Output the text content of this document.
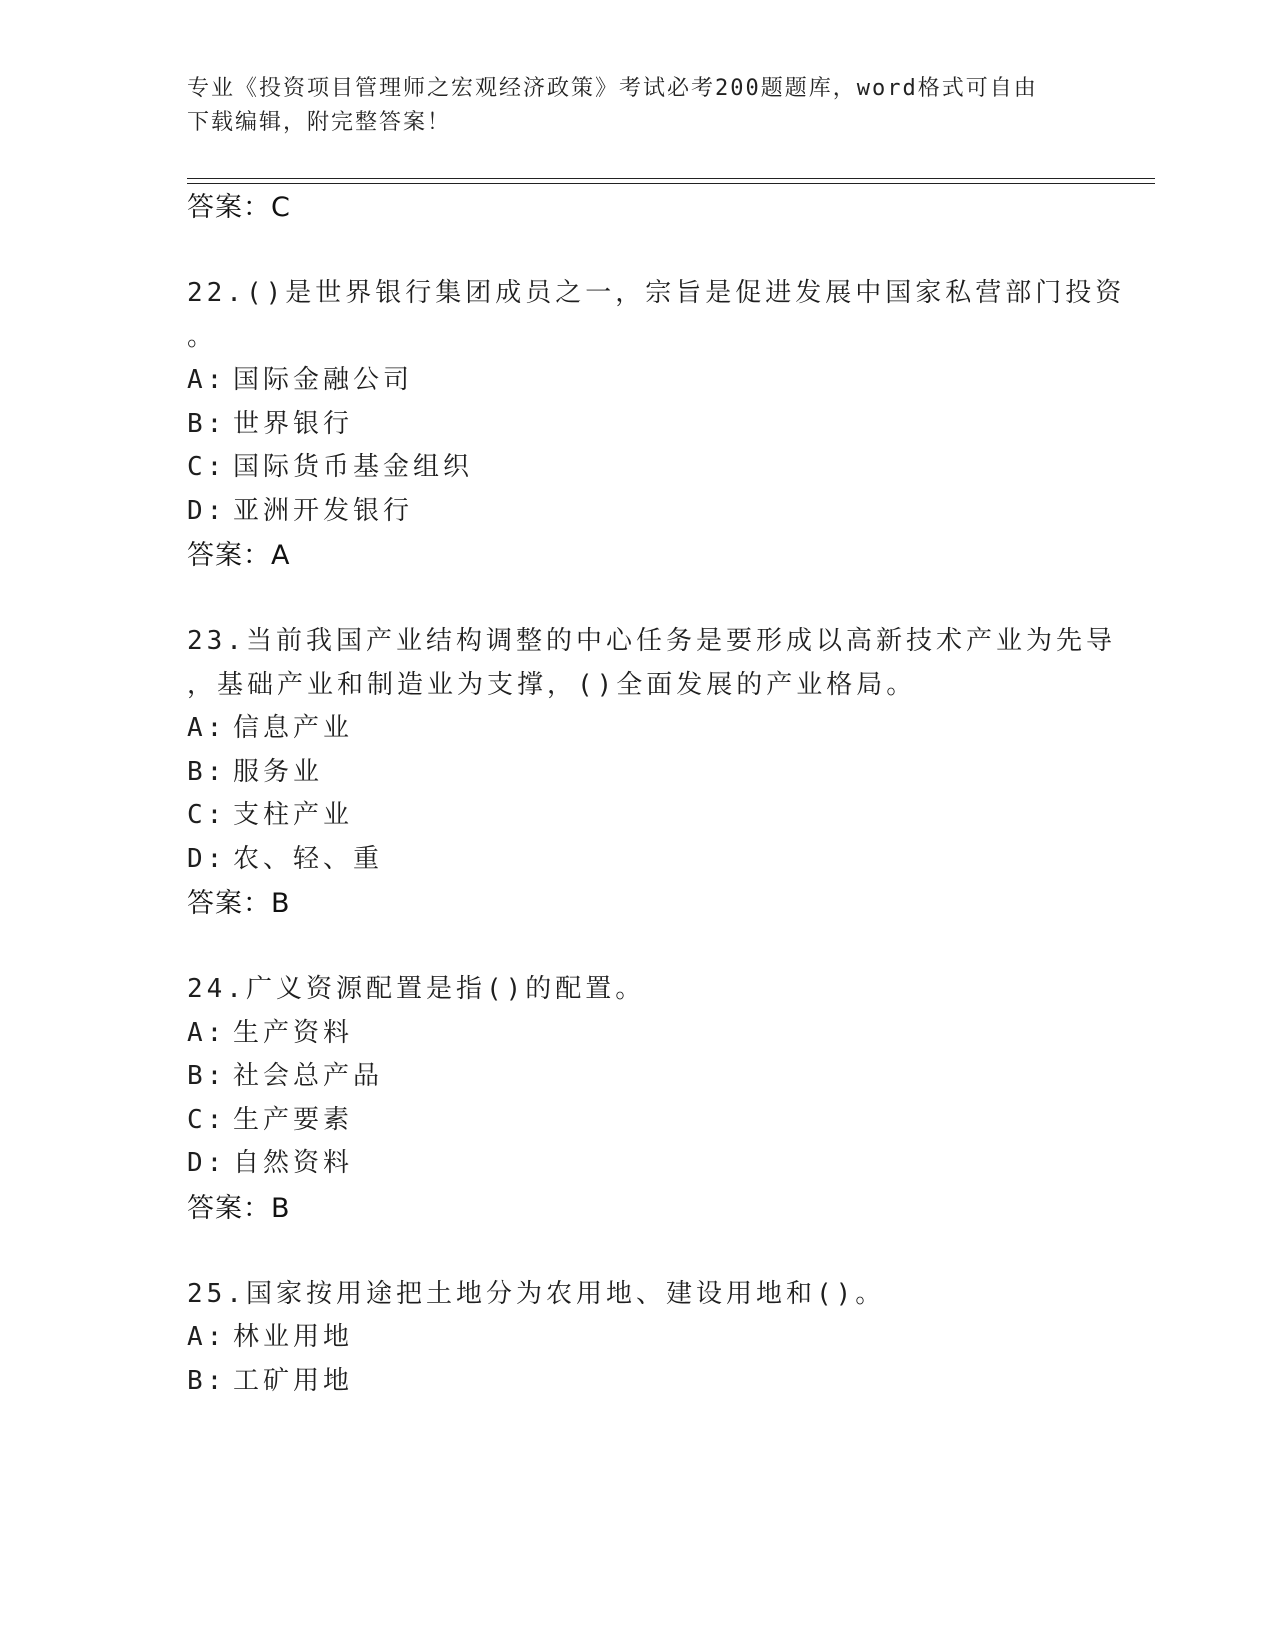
专业《投资项目管理师之宏观经济政策》考试必考200题题库，word格式可自由
下载编辑，附完整答案！
答案：C
22.()是世界银行集团成员之一，宗旨是促进发展中国家私营部门投资
。
A: 国际金融公司
B: 世界银行
C: 国际货币基金组织
D: 亚洲开发银行
答案：A
23.当前我国产业结构调整的中心任务是要形成以高新技术产业为先导
，基础产业和制造业为支撑，()全面发展的产业格局。
A: 信息产业
B: 服务业
C: 支柱产业
D: 农、轻、重
答案：B
24.广义资源配置是指()的配置。
A: 生产资料
B: 社会总产品
C: 生产要素
D: 自然资料
答案：B
25.国家按用途把土地分为农用地、建设用地和()。
A: 林业用地
B: 工矿用地
